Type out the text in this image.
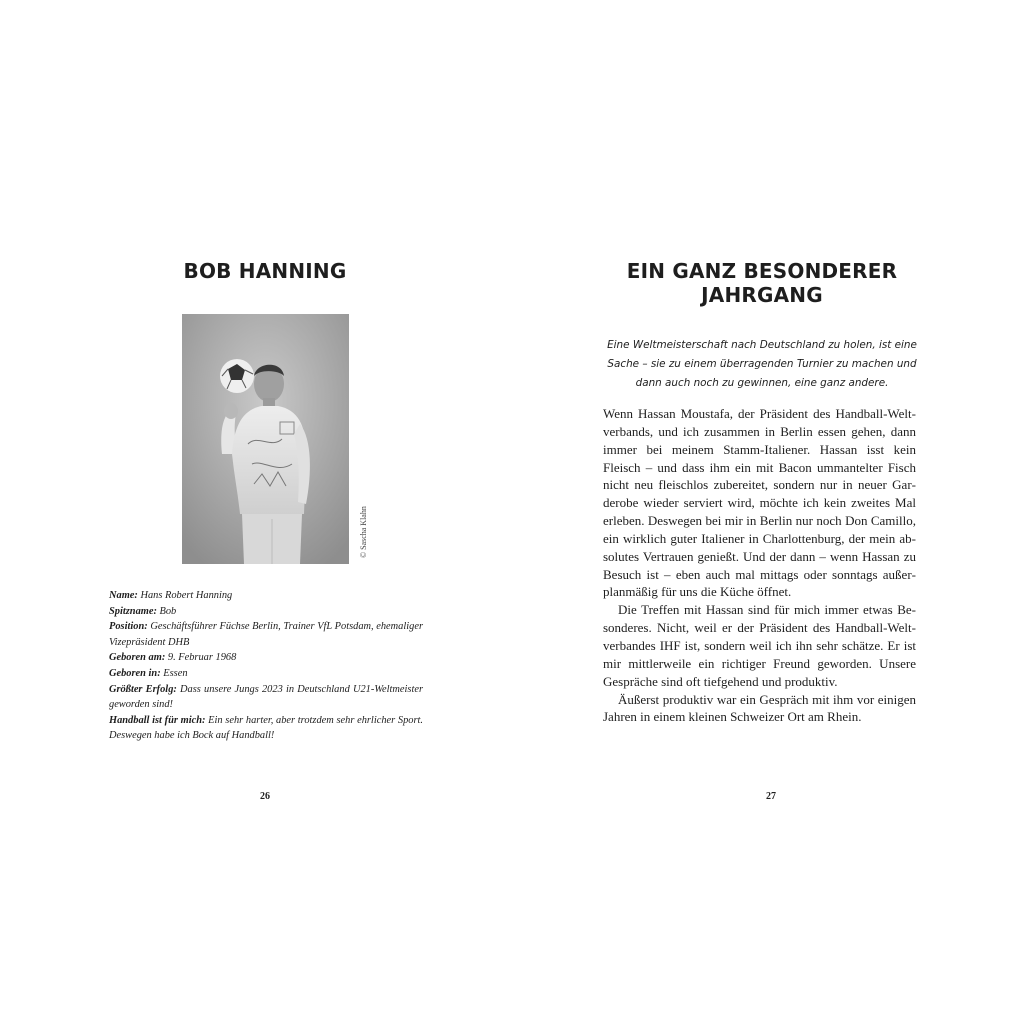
BOB HANNING
© Sascha Klahn
Name: Hans Robert Hanning
Spitzname: Bob
Position: Geschäftsführer Füchse Berlin, Trainer VfL Potsdam, ehemaliger Vizepräsident DHB
Geboren am: 9. Februar 1968
Geboren in: Essen
Größter Erfolg: Dass unsere Jungs 2023 in Deutschland U21-Weltmeister geworden sind!
Handball ist für mich: Ein sehr harter, aber trotzdem sehr ehrlicher Sport. Deswegen habe ich Bock auf Handball!
26
EIN GANZ BESONDERER JAHRGANG

Eine Weltmeisterschaft nach Deutschland zu holen, ist eine Sache – sie zu einem überragenden Turnier zu machen und dann auch noch zu gewinnen, eine ganz andere.

Wenn Hassan Moustafa, der Präsident des Handball-Weltverbands, und ich zusammen in Berlin essen gehen, dann immer bei meinem Stamm-Italiener. Hassan isst kein Fleisch – und dass ihm ein mit Bacon ummantelter Fisch nicht neu fleischlos zubereitet, sondern nur in neuer Garderobe wieder serviert wird, möchte ich kein zweites Mal erleben. Deswegen bei mir in Berlin nur noch Don Camillo, ein wirklich guter Italiener in Charlottenburg, der mein absolutes Vertrauen genießt. Und der dann – wenn Hassan zu Besuch ist – eben auch mal mittags oder sonntags außerplanmäßig für uns die Küche öffnet.

Die Treffen mit Hassan sind für mich immer etwas Besonderes. Nicht, weil er der Präsident des Handball-Weltverbandes IHF ist, sondern weil ich ihn sehr schätze. Er ist mir mittlerweile ein richtiger Freund geworden. Unsere Gespräche sind oft tiefgehend und produktiv.

Äußerst produktiv war ein Gespräch mit ihm vor einigen Jahren in einem kleinen Schweizer Ort am Rhein.

27
